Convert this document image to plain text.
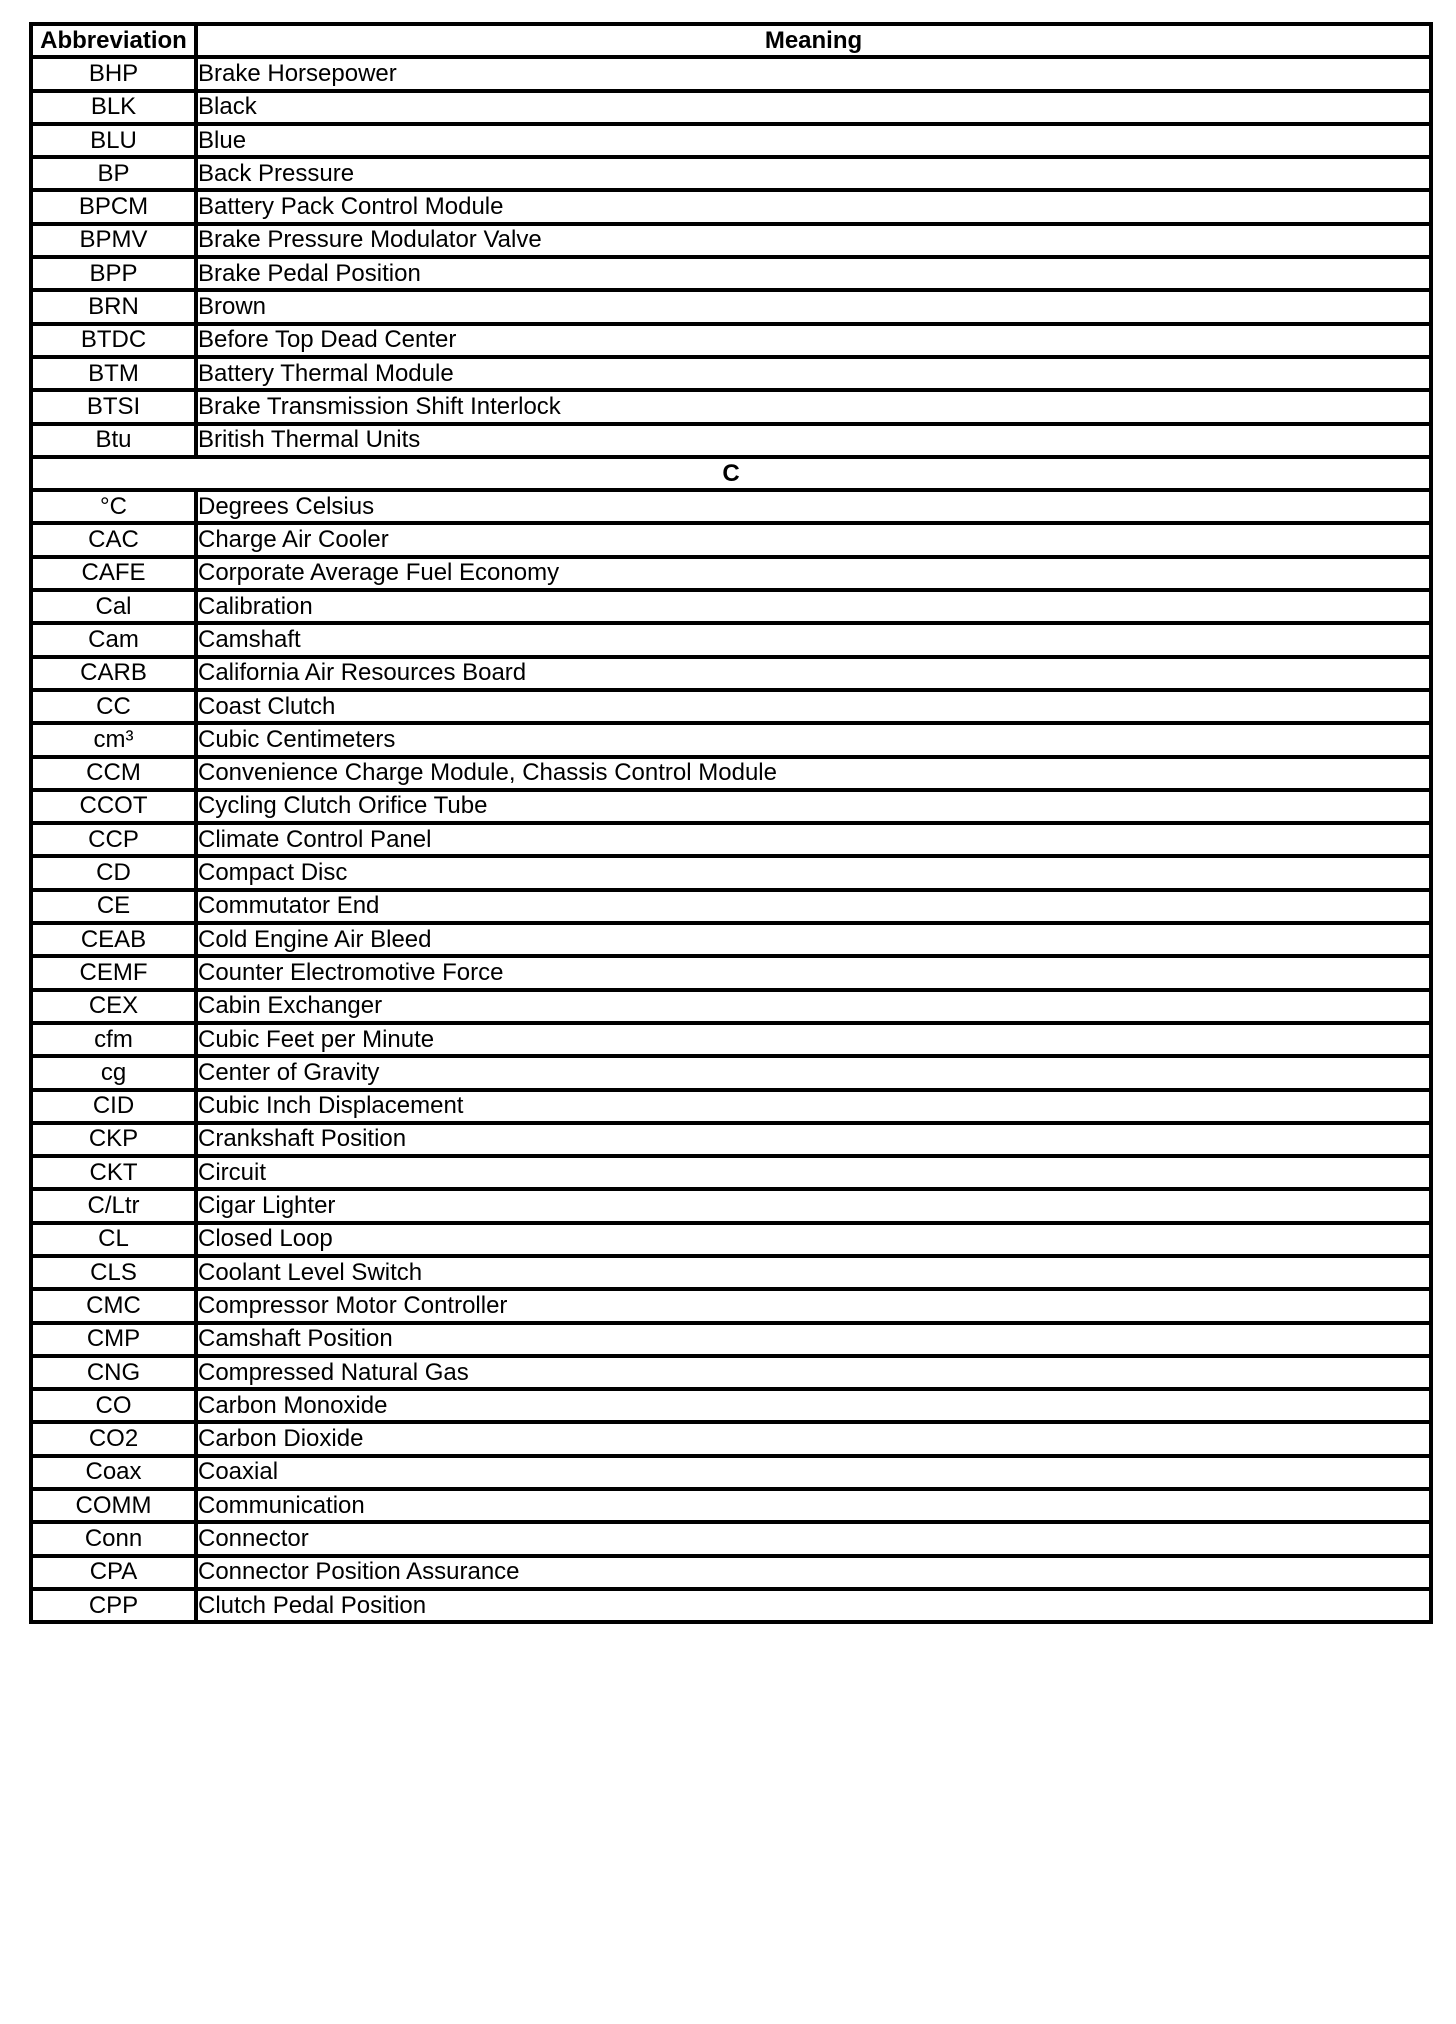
Abbreviation	Meaning
BHP	Brake Horsepower
BLK	Black
BLU	Blue
BP	Back Pressure
BPCM	Battery Pack Control Module
BPMV	Brake Pressure Modulator Valve
BPP	Brake Pedal Position
BRN	Brown
BTDC	Before Top Dead Center
BTM	Battery Thermal Module
BTSI	Brake Transmission Shift Interlock
Btu	British Thermal Units
C	
°C	Degrees Celsius
CAC	Charge Air Cooler
CAFE	Corporate Average Fuel Economy
Cal	Calibration
Cam	Camshaft
CARB	California Air Resources Board
CC	Coast Clutch
cm³	Cubic Centimeters
CCM	Convenience Charge Module, Chassis Control Module
CCOT	Cycling Clutch Orifice Tube
CCP	Climate Control Panel
CD	Compact Disc
CE	Commutator End
CEAB	Cold Engine Air Bleed
CEMF	Counter Electromotive Force
CEX	Cabin Exchanger
cfm	Cubic Feet per Minute
cg	Center of Gravity
CID	Cubic Inch Displacement
CKP	Crankshaft Position
CKT	Circuit
C/Ltr	Cigar Lighter
CL	Closed Loop
CLS	Coolant Level Switch
CMC	Compressor Motor Controller
CMP	Camshaft Position
CNG	Compressed Natural Gas
CO	Carbon Monoxide
CO2	Carbon Dioxide
Coax	Coaxial
COMM	Communication
Conn	Connector
CPA	Connector Position Assurance
CPP	Clutch Pedal Position
